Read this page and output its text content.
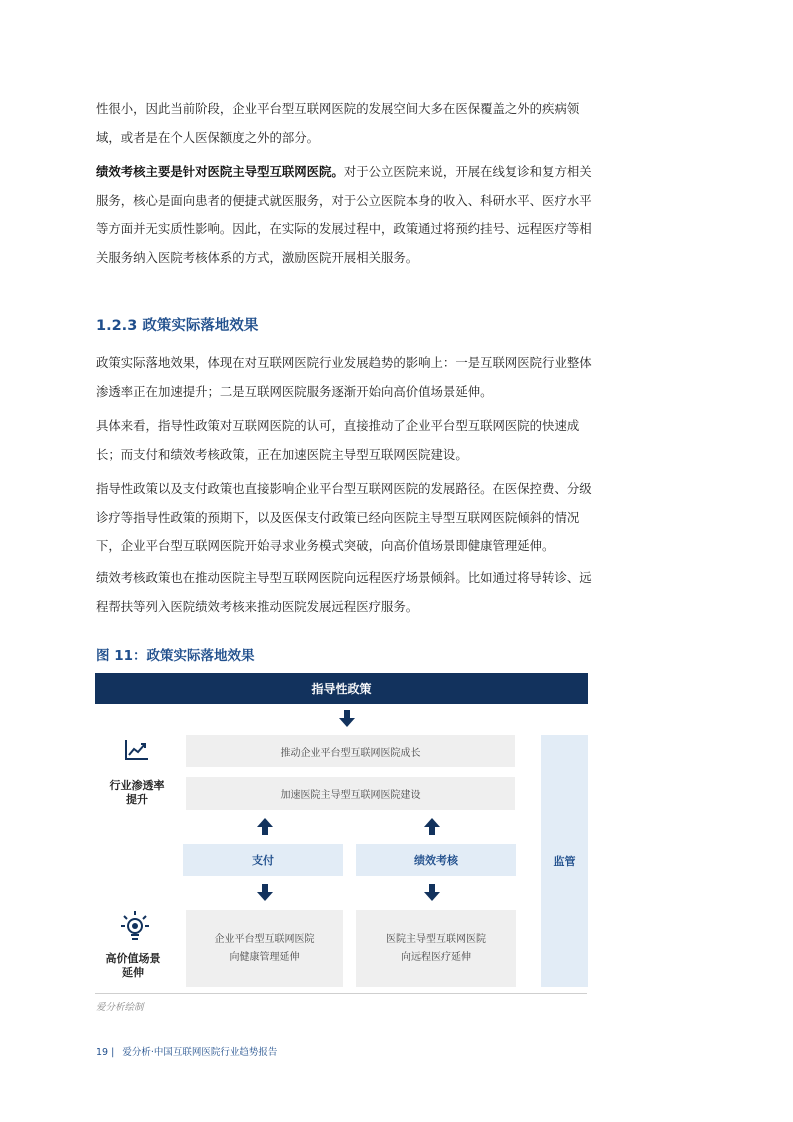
性很小，因此当前阶段，企业平台型互联网医院的发展空间大多在医保覆盖之外的疾病领域，或者是在个人医保额度之外的部分。
绩效考核主要是针对医院主导型互联网医院。对于公立医院来说，开展在线复诊和复方相关服务，核心是面向患者的便捷式就医服务，对于公立医院本身的收入、科研水平、医疗水平等方面并无实质性影响。因此，在实际的发展过程中，政策通过将预约挂号、远程医疗等相关服务纳入医院考核体系的方式，激励医院开展相关服务。
1.2.3 政策实际落地效果
政策实际落地效果，体现在对互联网医院行业发展趋势的影响上：一是互联网医院行业整体渗透率正在加速提升；二是互联网医院服务逐渐开始向高价值场景延伸。
具体来看，指导性政策对互联网医院的认可，直接推动了企业平台型互联网医院的快速成长；而支付和绩效考核政策，正在加速医院主导型互联网医院建设。
指导性政策以及支付政策也直接影响企业平台型互联网医院的发展路径。在医保控费、分级诊疗等指导性政策的预期下，以及医保支付政策已经向医院主导型互联网医院倾斜的情况下，企业平台型互联网医院开始寻求业务模式突破，向高价值场景即健康管理延伸。
绩效考核政策也在推动医院主导型互联网医院向远程医疗场景倾斜。比如通过将导转诊、远程帮扶等列入医院绩效考核来推动医院发展远程医疗服务。
图 11：政策实际落地效果
指导性政策
行业渗透率
提升
推动企业平台型互联网医院成长
加速医院主导型互联网医院建设
支付	绩效考核	监管
高价值场景
延伸
企业平台型互联网医院
向健康管理延伸
医院主导型互联网医院
向远程医疗延伸
爱分析绘制
19 | 爱分析·中国互联网医院行业趋势报告
